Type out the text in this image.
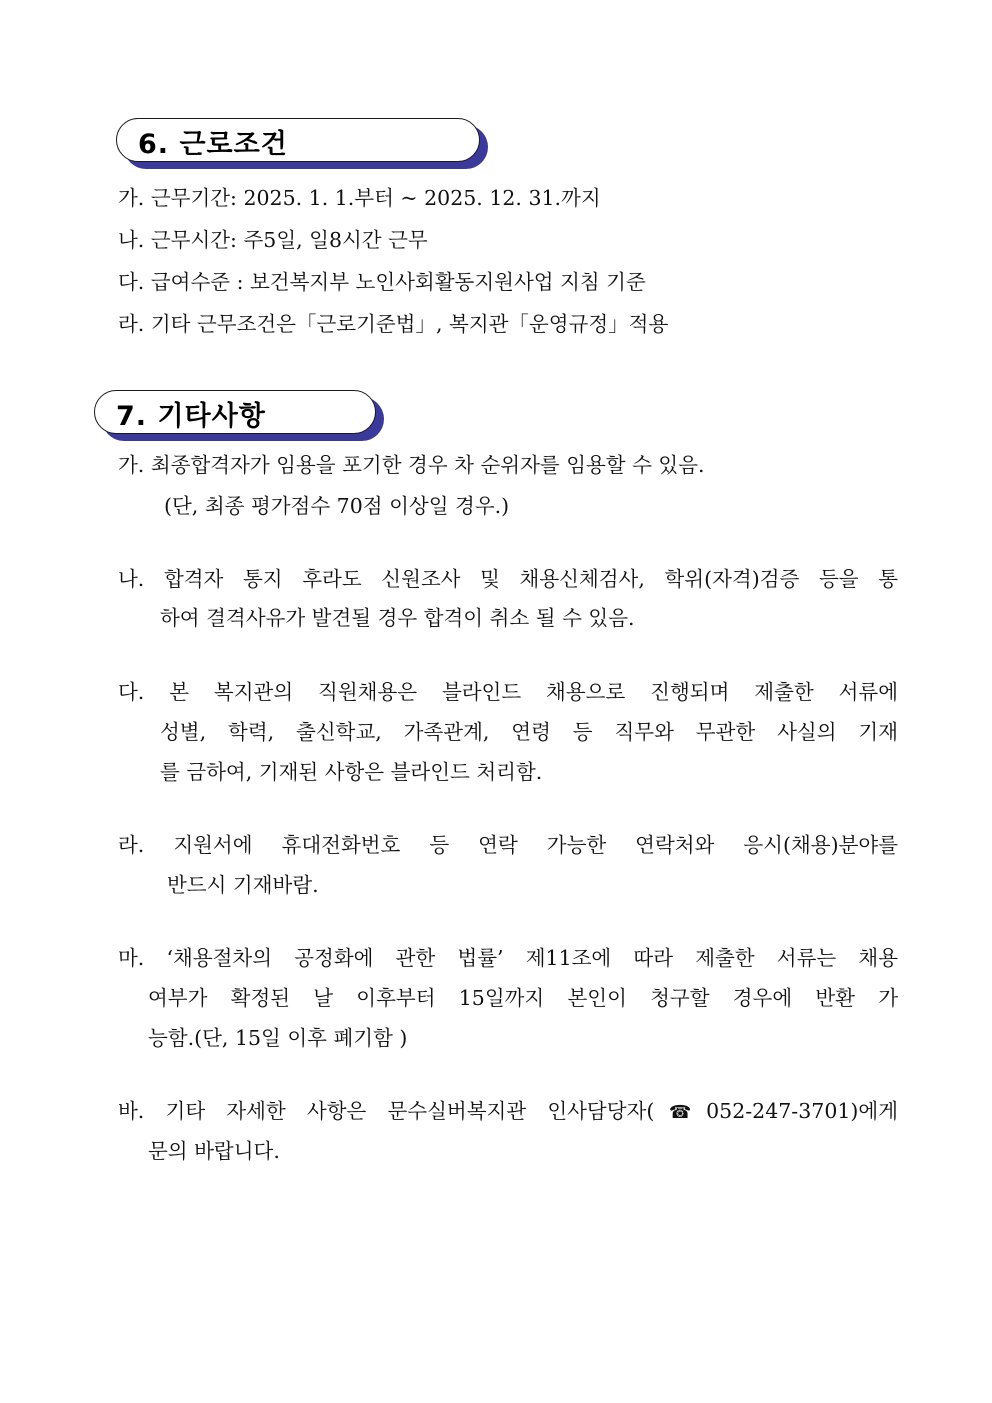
6. 근로조건
가. 근무기간: 2025. 1. 1.부터 ~ 2025. 12. 31.까지
나. 근무시간: 주5일, 일8시간 근무
다. 급여수준 : 보건복지부 노인사회활동지원사업 지침 기준
라. 기타 근무조건은「근로기준법」, 복지관「운영규정」적용
7. 기타사항
가. 최종합격자가 임용을 포기한 경우 차 순위자를 임용할 수 있음.
(단, 최종 평가점수 70점 이상일 경우.)
나. 합격자 통지 후라도 신원조사 및 채용신체검사, 학위(자격)검증 등을 통
하여 결격사유가 발견될 경우 합격이 취소 될 수 있음.
다. 본 복지관의 직원채용은 블라인드 채용으로 진행되며 제출한 서류에
성별, 학력, 출신학교, 가족관계, 연령 등 직무와 무관한 사실의 기재
를 금하여, 기재된 사항은 블라인드 처리함.
라. 지원서에 휴대전화번호 등 연락 가능한 연락처와 응시(채용)분야를
반드시 기재바람.
마. ‘채용절차의 공정화에 관한 법률’ 제11조에 따라 제출한 서류는 채용
여부가 확정된 날 이후부터 15일까지 본인이 청구할 경우에 반환 가
능함.(단, 15일 이후 폐기함 )
바. 기타 자세한 사항은 문수실버복지관 인사담당자(☎052-247-3701)에게
문의 바랍니다.
